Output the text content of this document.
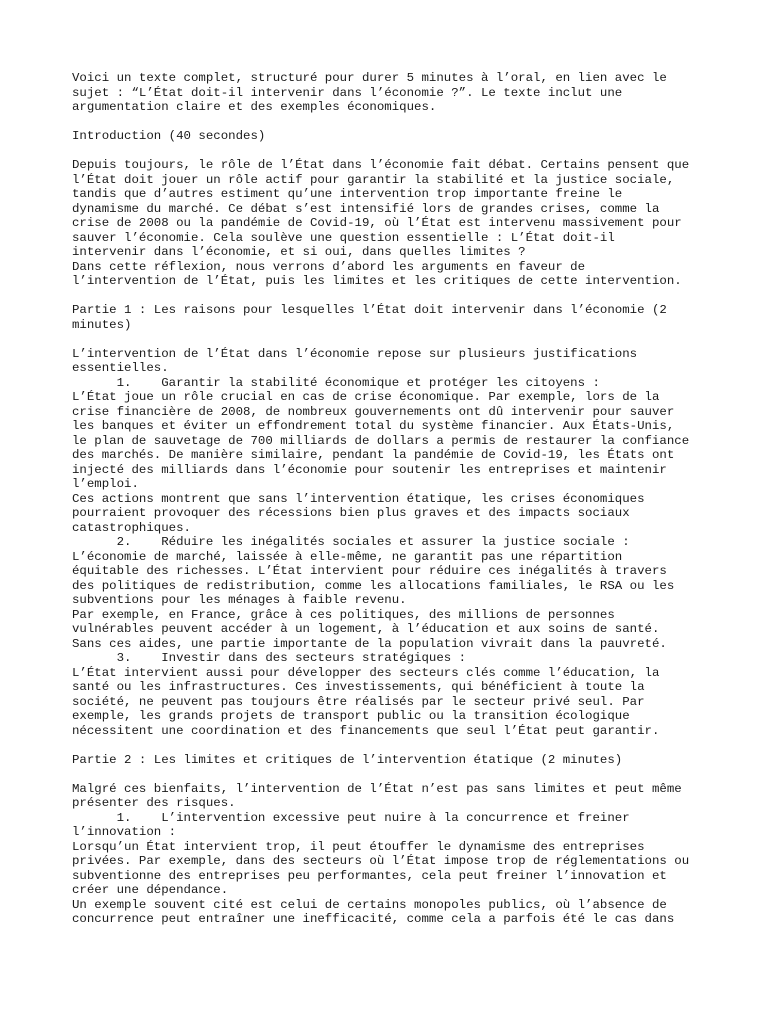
Voici un texte complet, structuré pour durer 5 minutes à l’oral, en lien avec le
sujet : “L’État doit-il intervenir dans l’économie ?”. Le texte inclut une
argumentation claire et des exemples économiques.
Introduction (40 secondes)
Depuis toujours, le rôle de l’État dans l’économie fait débat. Certains pensent que
l’État doit jouer un rôle actif pour garantir la stabilité et la justice sociale,
tandis que d’autres estiment qu’une intervention trop importante freine le
dynamisme du marché. Ce débat s’est intensifié lors de grandes crises, comme la
crise de 2008 ou la pandémie de Covid-19, où l’État est intervenu massivement pour
sauver l’économie. Cela soulève une question essentielle : L’État doit-il
intervenir dans l’économie, et si oui, dans quelles limites ?
Dans cette réflexion, nous verrons d’abord les arguments en faveur de
l’intervention de l’État, puis les limites et les critiques de cette intervention.
Partie 1 : Les raisons pour lesquelles l’État doit intervenir dans l’économie (2
minutes)
L’intervention de l’État dans l’économie repose sur plusieurs justifications
essentielles.
1.    Garantir la stabilité économique et protéger les citoyens :
L’État joue un rôle crucial en cas de crise économique. Par exemple, lors de la
crise financière de 2008, de nombreux gouvernements ont dû intervenir pour sauver
les banques et éviter un effondrement total du système financier. Aux États-Unis,
le plan de sauvetage de 700 milliards de dollars a permis de restaurer la confiance
des marchés. De manière similaire, pendant la pandémie de Covid-19, les États ont
injecté des milliards dans l’économie pour soutenir les entreprises et maintenir
l’emploi.
Ces actions montrent que sans l’intervention étatique, les crises économiques
pourraient provoquer des récessions bien plus graves et des impacts sociaux
catastrophiques.
2.    Réduire les inégalités sociales et assurer la justice sociale :
L’économie de marché, laissée à elle-même, ne garantit pas une répartition
équitable des richesses. L’État intervient pour réduire ces inégalités à travers
des politiques de redistribution, comme les allocations familiales, le RSA ou les
subventions pour les ménages à faible revenu.
Par exemple, en France, grâce à ces politiques, des millions de personnes
vulnérables peuvent accéder à un logement, à l’éducation et aux soins de santé.
Sans ces aides, une partie importante de la population vivrait dans la pauvreté.
3.    Investir dans des secteurs stratégiques :
L’État intervient aussi pour développer des secteurs clés comme l’éducation, la
santé ou les infrastructures. Ces investissements, qui bénéficient à toute la
société, ne peuvent pas toujours être réalisés par le secteur privé seul. Par
exemple, les grands projets de transport public ou la transition écologique
nécessitent une coordination et des financements que seul l’État peut garantir.
Partie 2 : Les limites et critiques de l’intervention étatique (2 minutes)
Malgré ces bienfaits, l’intervention de l’État n’est pas sans limites et peut même
présenter des risques.
1.    L’intervention excessive peut nuire à la concurrence et freiner
l’innovation :
Lorsqu’un État intervient trop, il peut étouffer le dynamisme des entreprises
privées. Par exemple, dans des secteurs où l’État impose trop de réglementations ou
subventionne des entreprises peu performantes, cela peut freiner l’innovation et
créer une dépendance.
Un exemple souvent cité est celui de certains monopoles publics, où l’absence de
concurrence peut entraîner une inefficacité, comme cela a parfois été le cas dans
